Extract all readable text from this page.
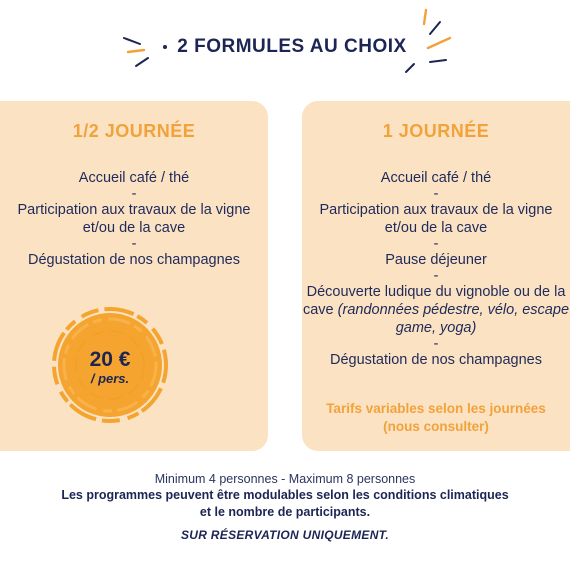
2 FORMULES AU CHOIX
1/2 JOURNÉE
Accueil café / thé
-
Participation aux travaux de la vigne et/ou de la cave
-
Dégustation de nos champagnes
20 €
/ pers.
1 JOURNÉE
Accueil café / thé
-
Participation aux travaux de la vigne et/ou de la cave
-
Pause déjeuner
-
Découverte ludique du vignoble ou de la cave (randonnées pédestre, vélo, escape game, yoga)
-
Dégustation de nos champagnes
Tarifs variables selon les journées
(nous consulter)
Minimum 4 personnes - Maximum 8 personnes
Les programmes peuvent être modulables selon les conditions climatiques
et le nombre de participants.
SUR RÉSERVATION UNIQUEMENT.
